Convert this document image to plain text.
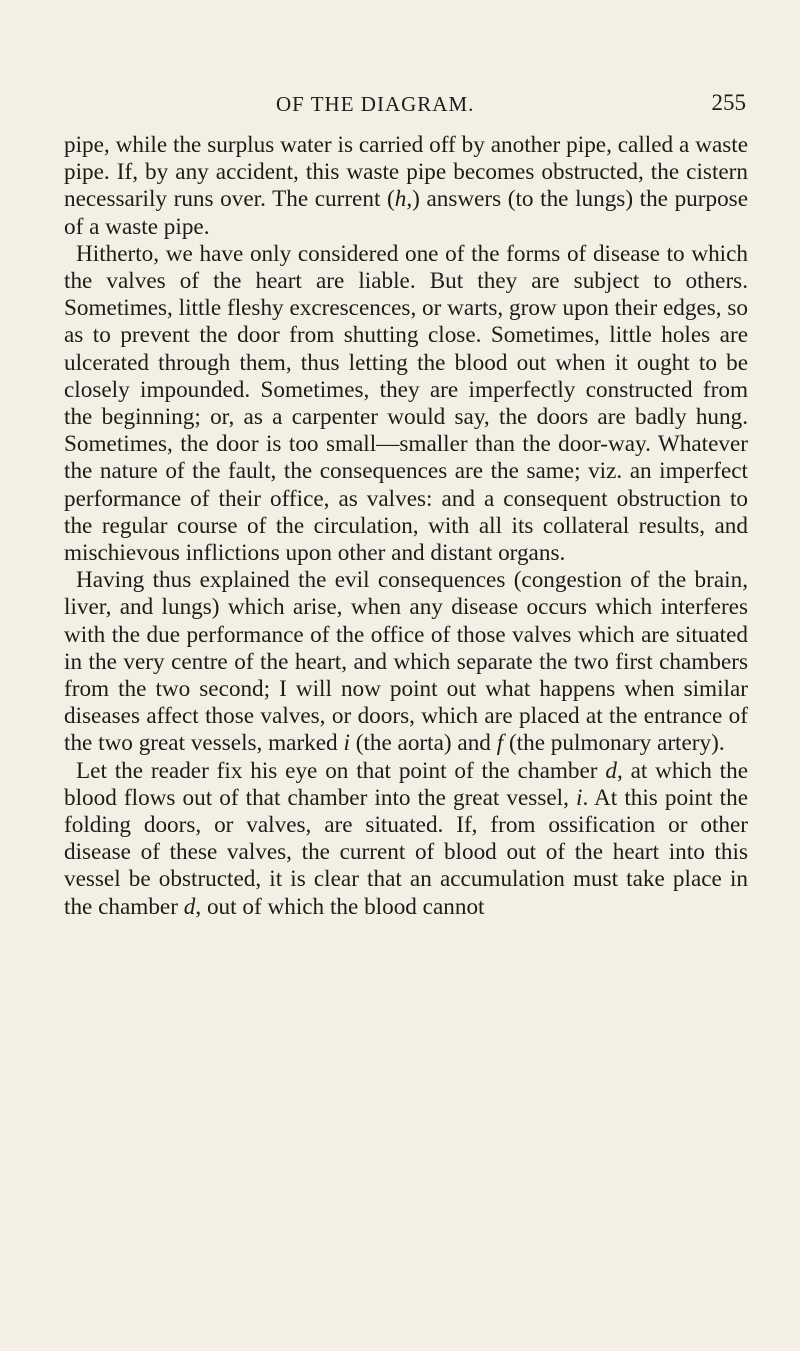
OF THE DIAGRAM.	255

pipe, while the surplus water is carried off by another pipe, called a waste pipe. If, by any accident, this waste pipe becomes obstructed, the cistern necessarily runs over. The current (h,) answers (to the lungs) the purpose of a waste pipe.

Hitherto, we have only considered one of the forms of disease to which the valves of the heart are liable. But they are subject to others. Sometimes, little fleshy excrescences, or warts, grow upon their edges, so as to prevent the door from shutting close. Sometimes, little holes are ulcerated through them, thus letting the blood out when it ought to be closely impounded. Sometimes, they are imperfectly constructed from the beginning; or, as a carpenter would say, the doors are badly hung. Sometimes, the door is too small—smaller than the door-way. Whatever the nature of the fault, the consequences are the same; viz. an imperfect performance of their office, as valves: and a consequent obstruction to the regular course of the circulation, with all its collateral results, and mischievous inflictions upon other and distant organs.

Having thus explained the evil consequences (congestion of the brain, liver, and lungs) which arise, when any disease occurs which interferes with the due performance of the office of those valves which are situated in the very centre of the heart, and which separate the two first chambers from the two second; I will now point out what happens when similar diseases affect those valves, or doors, which are placed at the entrance of the two great vessels, marked i (the aorta) and f (the pulmonary artery).

Let the reader fix his eye on that point of the chamber d, at which the blood flows out of that chamber into the great vessel, i. At this point the folding doors, or valves, are situated. If, from ossification or other disease of these valves, the current of blood out of the heart into this vessel be obstructed, it is clear that an accumulation must take place in the chamber d, out of which the blood cannot
